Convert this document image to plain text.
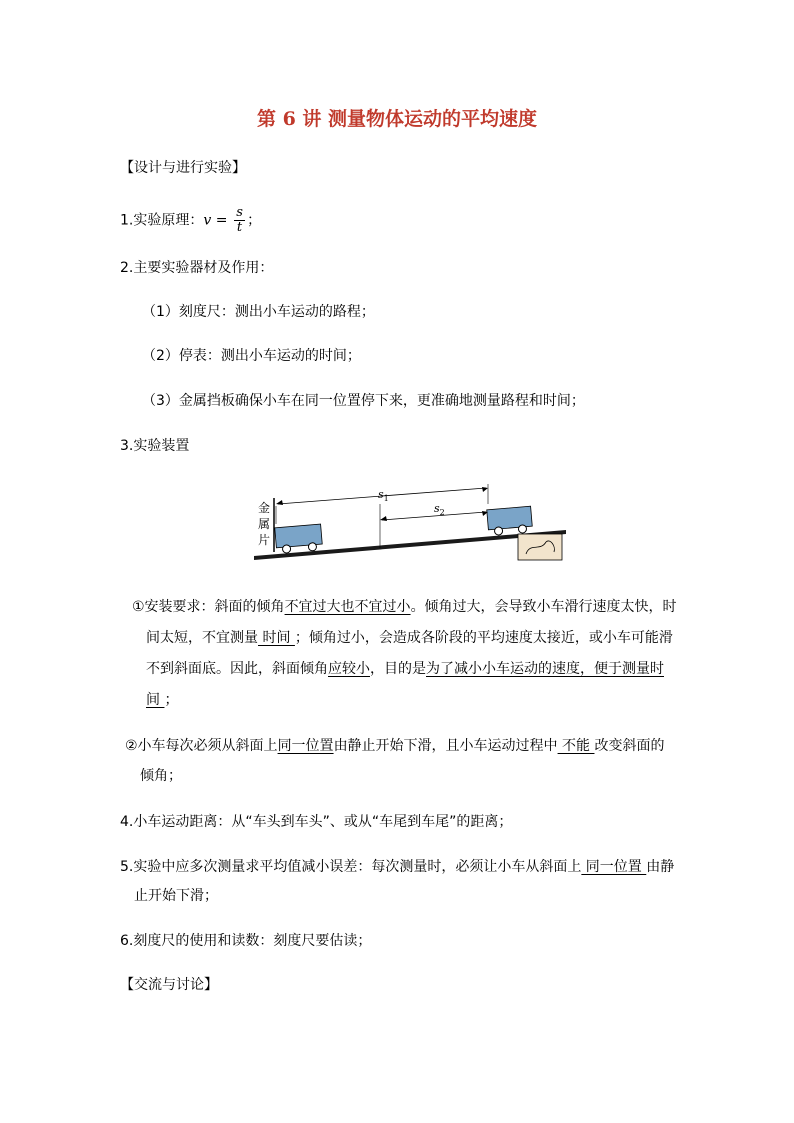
第 6 讲 测量物体运动的平均速度
【设计与进行实验】
1.实验原理：$v = \frac{s}{t}$ ；
2.主要实验器材及作用：
（1）刻度尺：测出小车运动的路程；
（2）停表：测出小车运动的时间；
（3）金属挡板确保小车在同一位置停下来，更准确地测量路程和时间；
3.实验装置
金
属
片
$s_1$
$s_2$
①安装要求：斜面的倾角不宜过大也不宜过小。倾角过大，会导致小车滑行速度太快，时
间太短，不宜测量 时间 ；倾角过小，会造成各阶段的平均速度太接近，或小车可能滑
不到斜面底。因此，斜面倾角应较小，目的是为了减小小车运动的速度，便于测量时
间 ；
②小车每次必须从斜面上同一位置由静止开始下滑，且小车运动过程中 不能 改变斜面的
倾角；
4.小车运动距离：从“车头到车头”、或从“车尾到车尾”的距离；
5.实验中应多次测量求平均值减小误差：每次测量时，必须让小车从斜面上 同一位置 由静
止开始下滑；
6.刻度尺的使用和读数：刻度尺要估读；
【交流与讨论】
